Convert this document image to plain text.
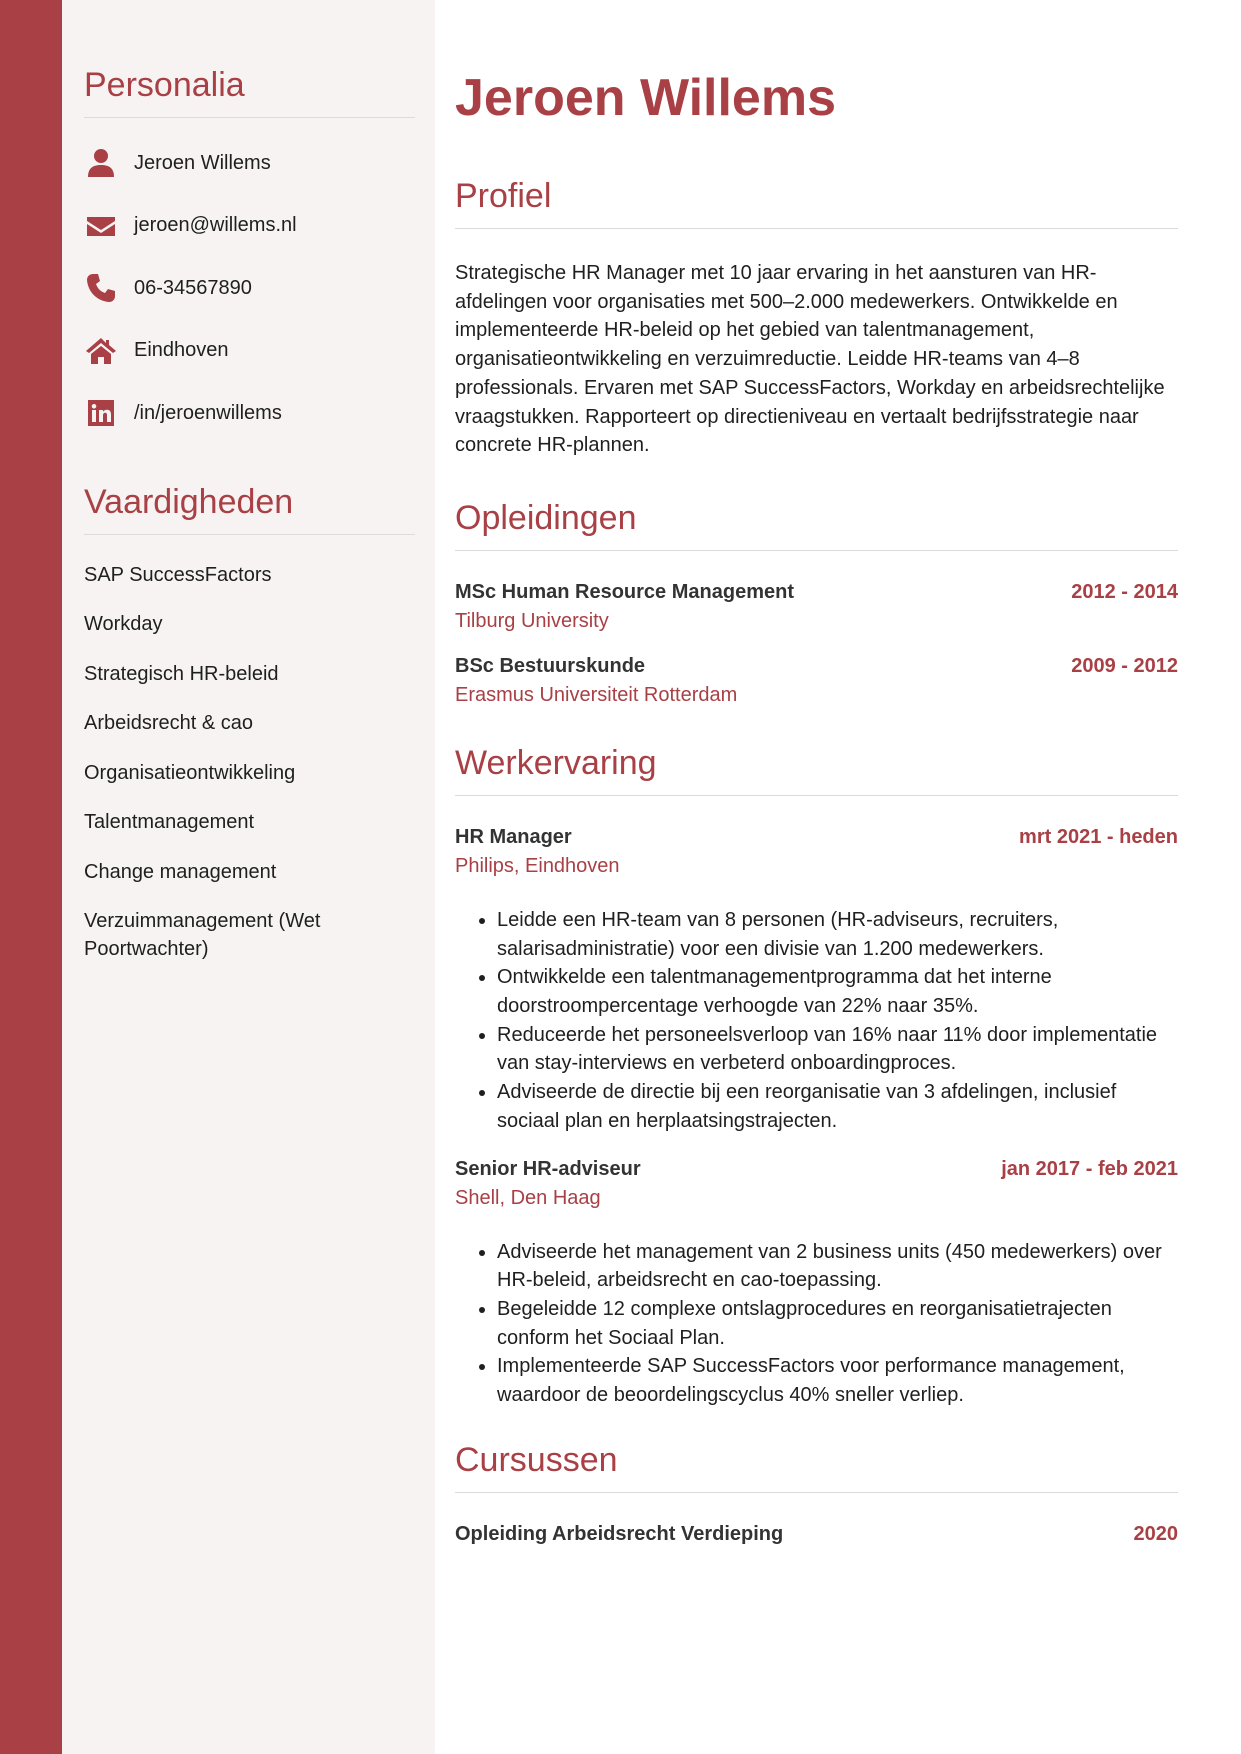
Personalia
Jeroen Willems
jeroen@willems.nl
06-34567890
Eindhoven
/in/jeroenwillems
Vaardigheden
SAP SuccessFactors
Workday
Strategisch HR-beleid
Arbeidsrecht & cao
Organisatieontwikkeling
Talentmanagement
Change management
Verzuimmanagement (Wet Poortwachter)
Jeroen Willems
Profiel

Strategische HR Manager met 10 jaar ervaring in het aansturen van HR-afdelingen voor organisaties met 500–2.000 medewerkers. Ontwikkelde en implementeerde HR-beleid op het gebied van talentmanagement, organisatieontwikkeling en verzuimreductie. Leidde HR-teams van 4–8 professionals. Ervaren met SAP SuccessFactors, Workday en arbeidsrechtelijke vraagstukken. Rapporteert op directieniveau en vertaalt bedrijfsstrategie naar concrete HR-plannen.

Opleidingen
MSc Human Resource Management	2012 - 2014
Tilburg University
BSc Bestuurskunde	2009 - 2012
Erasmus Universiteit Rotterdam
Werkervaring
HR Manager	mrt 2021 - heden
Philips, Eindhoven
• Leidde een HR-team van 8 personen (HR-adviseurs, recruiters, salarisadministratie) voor een divisie van 1.200 medewerkers.
• Ontwikkelde een talentmanagementprogramma dat het interne doorstroompercentage verhoogde van 22% naar 35%.
• Reduceerde het personeelsverloop van 16% naar 11% door implementatie van stay-interviews en verbeterd onboardingproces.
• Adviseerde de directie bij een reorganisatie van 3 afdelingen, inclusief sociaal plan en herplaatsingstrajecten.
Senior HR-adviseur	jan 2017 - feb 2021
Shell, Den Haag
• Adviseerde het management van 2 business units (450 medewerkers) over HR-beleid, arbeidsrecht en cao-toepassing.
• Begeleidde 12 complexe ontslagprocedures en reorganisatietrajecten conform het Sociaal Plan.
• Implementeerde SAP SuccessFactors voor performance management, waardoor de beoordelingscyclus 40% sneller verliep.
Cursussen
Opleiding Arbeidsrecht Verdieping	2020
